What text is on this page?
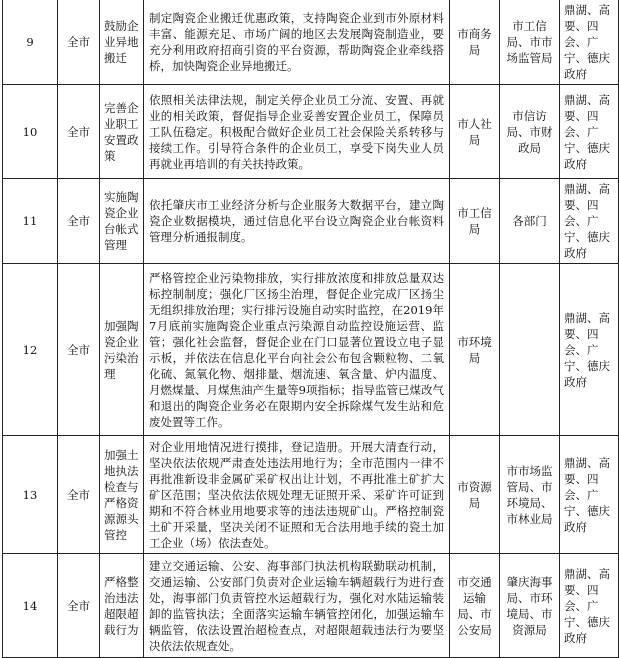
9	全市	鼓励企业异地搬迁	制定陶瓷企业搬迁优惠政策，支持陶瓷企业到市外原材料丰富、能源充足、市场广阔的地区去发展陶瓷制造业，要充分利用政府招商引资的平台资源，帮助陶瓷企业牵线搭桥，加快陶瓷企业异地搬迁。	市商务局	市工信局、市市场监管局	鼎湖、高要、四会、广宁、德庆政府
10	全市	完善企业职工安置政策	依照相关法律法规，制定关停企业员工分流、安置、再就业的相关政策，督促指导企业妥善安置企业员工，保障员工队伍稳定。积极配合做好企业员工社会保险关系转移与接续工作。引导符合条件的企业员工，享受下岗失业人员再就业再培训的有关扶持政策。	市人社局	市信访局、市财政局	鼎湖、高要、四会、广宁、德庆政府
11	全市	实施陶瓷企业台帐式管理	依托肇庆市工业经济分析与企业服务大数据平台，建立陶瓷企业数据模块，通过信息化平台设立陶瓷企业台帐资料管理分析通报制度。	市工信局	各部门	鼎湖、高要、四会、广宁、德庆政府
12	全市	加强陶瓷企业污染治理	严格管控企业污染物排放，实行排放浓度和排放总量双达标控制制度；强化厂区扬尘治理，督促企业完成厂区扬尘无组织排放治理；实行排污设施自动实时监控，在2019年7月底前实施陶瓷企业重点污染源自动监控设施运营、监管；强化社会监督，督促企业在门口显著位置设立电子显示板，并依法在信息化平台向社会公布包含颗粒物、二氧化硫、氮氧化物、烟排量、烟流速、氧含量、炉内温度、月燃煤量、月煤焦油产生量等9项指标；指导监管已煤改气和退出的陶瓷企业务必在限期内安全拆除煤气发生站和危废处置等工作。	市环境局		鼎湖、高要、四会、广宁、德庆政府
13	全市	加强土地执法检查与严格资源源头管控	对企业用地情况进行摸排，登记造册。开展大清查行动，坚决依法依规严肃查处违法用地行为；全市范围内一律不再批准新设非金属矿采矿权出让计划，不再批准土矿扩大矿区范围；坚决依法依规处理无证照开采、采矿许可证到期和不符合林业用地要求等的违法违规矿山。严格控制瓷土矿开采量，坚决关闭不证照和无合法用地手续的瓷土加工企业（场）依法查处。	市资源局	市市场监管局、市环境局、市林业局	鼎湖、高要、四会、广宁、德庆政府
14	全市	严格整治违法超限超载行为	建立交通运输、公安、海事部门执法机构联勤联动机制，交通运输、公安部门负责对企业运输车辆超载行为进行查处，海事部门负责管控水运超载行为，强化对水陆运输装卸的监管执法；全面落实运输车辆管控闭化，加强运输车辆监管，依法设置治超检查点，对超限超载违法行为要坚决依法依规查处。	市交通运输局、市公安局	肇庆海事局、市环境局、市资源局	鼎湖、高要、四会、广宁、德庆政府
